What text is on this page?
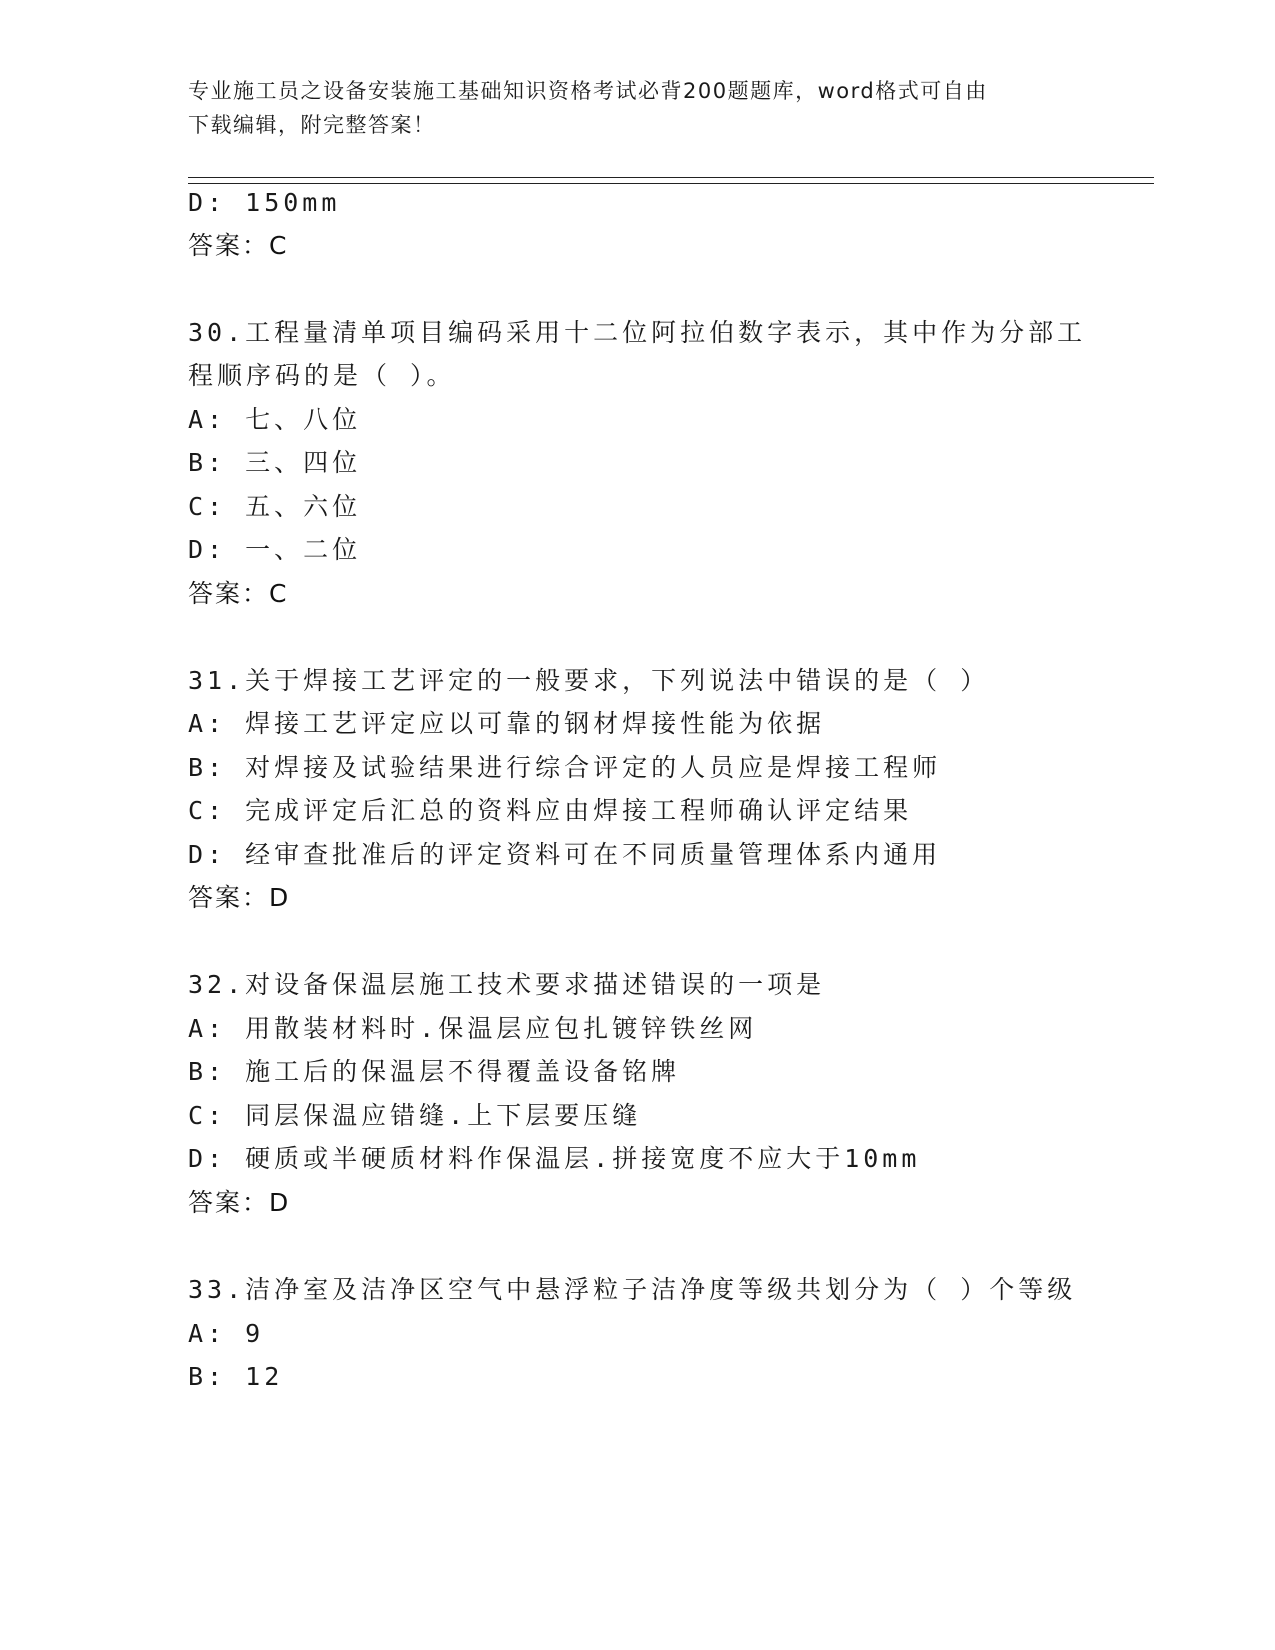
专业施工员之设备安装施工基础知识资格考试必背200题题库，word格式可自由
下载编辑，附完整答案！
D: 150mm
答案：C
30.工程量清单项目编码采用十二位阿拉伯数字表示，其中作为分部工
程顺序码的是（ ）。
A: 七、八位
B: 三、四位
C: 五、六位
D: 一、二位
答案：C
31.关于焊接工艺评定的一般要求，下列说法中错误的是（ ）
A: 焊接工艺评定应以可靠的钢材焊接性能为依据
B: 对焊接及试验结果进行综合评定的人员应是焊接工程师
C: 完成评定后汇总的资料应由焊接工程师确认评定结果
D: 经审查批准后的评定资料可在不同质量管理体系内通用
答案：D
32.对设备保温层施工技术要求描述错误的一项是
A: 用散装材料时.保温层应包扎镀锌铁丝网
B: 施工后的保温层不得覆盖设备铭牌
C: 同层保温应错缝.上下层要压缝
D: 硬质或半硬质材料作保温层.拼接宽度不应大于10mm
答案：D
33.洁净室及洁净区空气中悬浮粒子洁净度等级共划分为（ ）个等级
A: 9
B: 12
